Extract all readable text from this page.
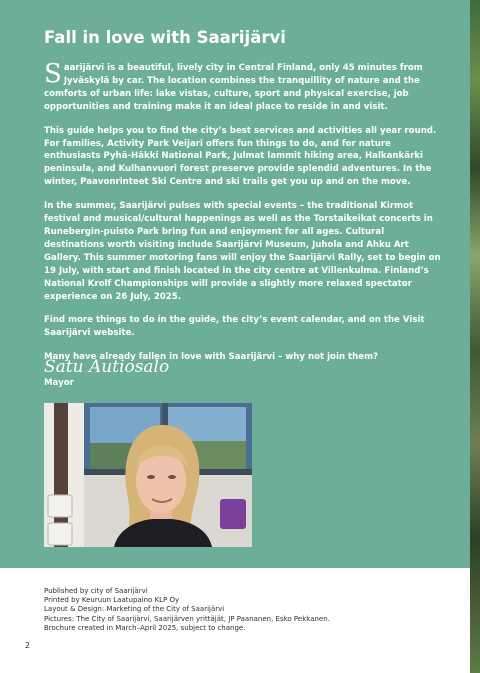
Fall in love with Saarijärvi

Saarijärvi is a beautiful, lively city in Central Finland, only 45 minutes from Jyväskylä by car. The location combines the tranquillity of nature and the comforts of urban life: lake vistas, culture, sport and physical exercise, job opportunities and training make it an ideal place to reside in and visit.

This guide helps you to find the city’s best services and activities all year round. For families, Activity Park Veijari offers fun things to do, and for nature enthusiasts Pyhä-Häkki National Park, Julmat lammit hiking area, Halkankärki peninsula, and Kulhanvuori forest preserve provide splendid adventures. In the winter, Paavonrinteet Ski Centre and ski trails get you up and on the move.

In the summer, Saarijärvi pulses with special events – the traditional Kirmot festival and musical/cultural happenings as well as the Torstaikeikat concerts in Runebergin-puisto Park bring fun and enjoyment for all ages. Cultural destinations worth visiting include Saarijärvi Museum, Juhola and Ahku Art Gallery. This summer motoring fans will enjoy the Saarijärvi Rally, set to begin on 19 July, with start and finish located in the city centre at Villenkulma. Finland’s National Krolf Championships will provide a slightly more relaxed spectator experience on 26 July, 2025.

Find more things to do in the guide, the city’s event calendar, and on the Visit Saarijärvi website.

Many have already fallen in love with Saarijärvi – why not join them?

Satu Autiosalo

Mayor

Published by city of Saarijärvi
Printed by Keuruun Laatupaino KLP Oy
Layout & Design: Marketing of the City of Saarijärvi
Pictures: The City of Saarijärvi, Saarijärven yrittäjät, JP Paananen, Esko Pekkanen.
Brochure created in March–April 2025, subject to change.

2
